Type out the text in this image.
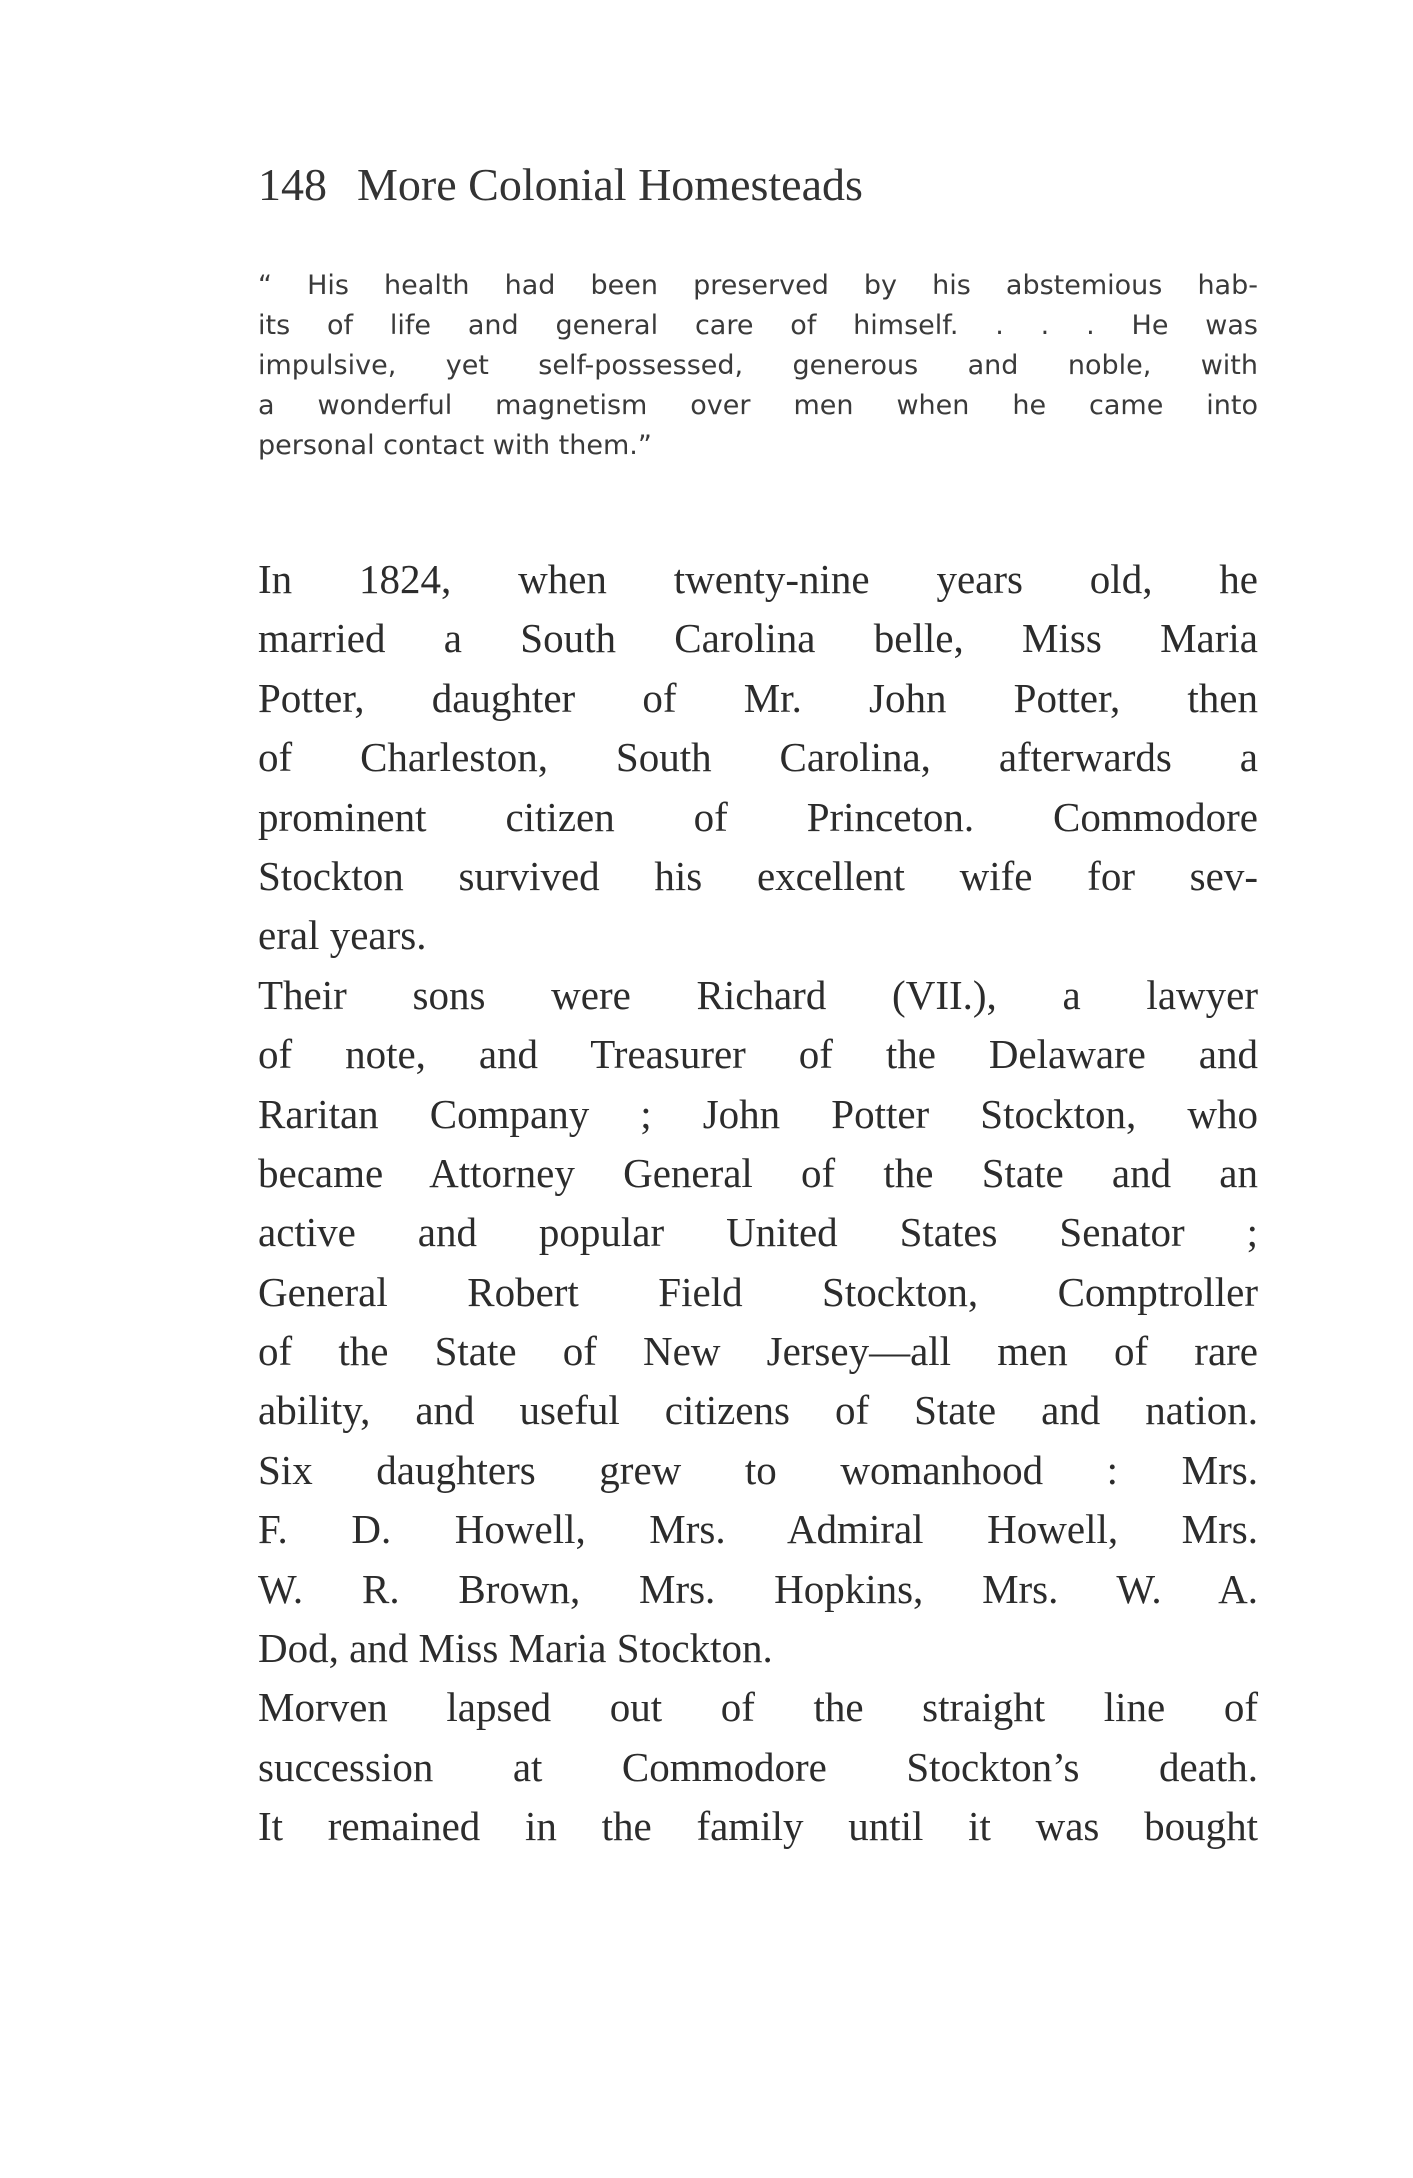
148 More Colonial Homesteads
“ His health had been preserved by his abstemious hab-
its of life and general care of himself. . . . He was
impulsive, yet self-possessed, generous and noble, with
a wonderful magnetism over men when he came into
personal contact with them.”
In 1824, when twenty-nine years old, he
married a South Carolina belle, Miss Maria
Potter, daughter of Mr. John Potter, then
of Charleston, South Carolina, afterwards a
prominent citizen of Princeton. Commodore
Stockton survived his excellent wife for sev-
eral years.
Their sons were Richard (VII.), a lawyer
of note, and Treasurer of the Delaware and
Raritan Company ; John Potter Stockton, who
became Attorney General of the State and an
active and popular United States Senator ;
General Robert Field Stockton, Comptroller
of the State of New Jersey—all men of rare
ability, and useful citizens of State and nation.
Six daughters grew to womanhood : Mrs.
F. D. Howell, Mrs. Admiral Howell, Mrs.
W. R. Brown, Mrs. Hopkins, Mrs. W. A.
Dod, and Miss Maria Stockton.
Morven lapsed out of the straight line of
succession at Commodore Stockton’s death.
It remained in the family until it was bought
